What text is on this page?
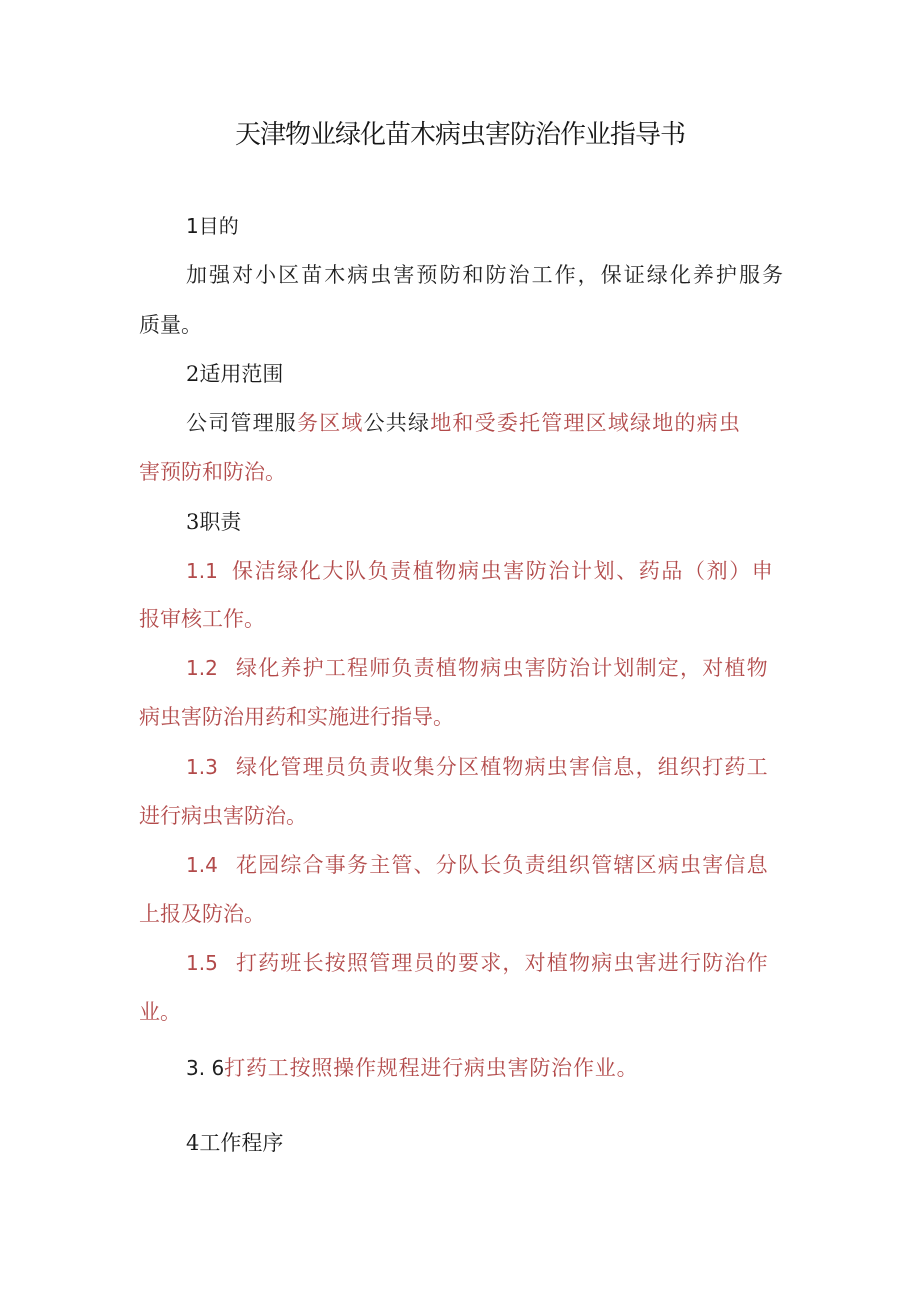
天津物业绿化苗木病虫害防治作业指导书
1目的
加强对小区苗木病虫害预防和防治工作，保证绿化养护服务
质量。
2适用范围
公司管理服务区域公共绿地和受委托管理区域绿地的病虫
害预防和防治。
3职责
1.1 保洁绿化大队负责植物病虫害防治计划、药品（剂）申
报审核工作。
1.2 绿化养护工程师负责植物病虫害防治计划制定，对植物
病虫害防治用药和实施进行指导。
1.3 绿化管理员负责收集分区植物病虫害信息，组织打药工
进行病虫害防治。
1.4 花园综合事务主管、分队长负责组织管辖区病虫害信息
上报及防治。
1.5 打药班长按照管理员的要求，对植物病虫害进行防治作
业。
3. 6打药工按照操作规程进行病虫害防治作业。
4工作程序
